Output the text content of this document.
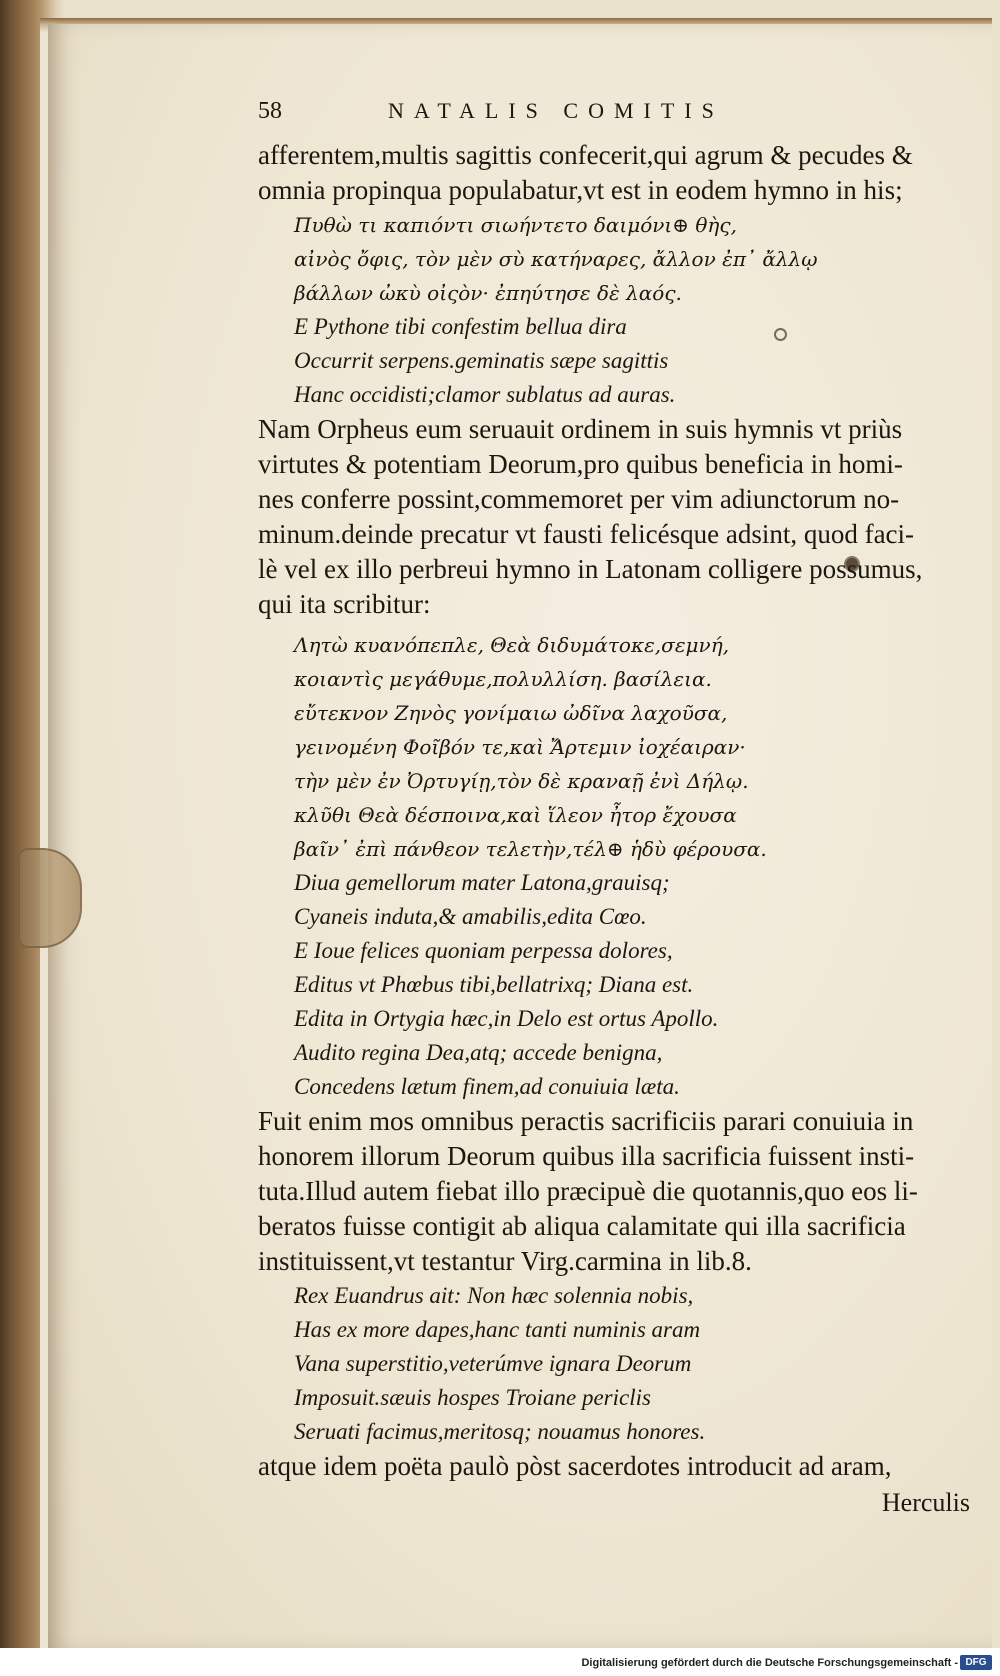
58	NATALIS COMITIS

afferentem,multis sagittis confecerit,qui agrum & pecudes &

omnia propinqua populabatur,vt est in eodem hymno in his;

Πυθὼ τι καπιόντι σιωήντετο δαιμόνι⊕ θὴς,
αἰνὸς ὄφις, τὸν μὲν σὺ κατήναρες, ἄλλον ἐπ᾽ ἄλλῳ
βάλλων ὠκὺ οἰςὸν· ἐπηύτησε δὲ λαός.
E Pythone tibi confestim bellua dira
Occurrit serpens.geminatis sæpe sagittis
Hanc occidisti;clamor sublatus ad auras.

Nam Orpheus eum seruauit ordinem in suis hymnis vt priùs

virtutes & potentiam Deorum,pro quibus beneficia in homi-

nes conferre possint,commemoret per vim adiunctorum no-

minum.deinde precatur vt fausti felicésque adsint, quod faci-

lè vel ex illo perbreui hymno in Latonam colligere possumus,

qui ita scribitur:

Λητὼ κυανόπεπλε, Θεὰ διδυμάτοκε,σεμνή,
κοιαντὶς μεγάθυμε,πολυλλίση. βασίλεια.
εὔτεκνον Ζηνὸς γονίμαιω ὠδῖνα λαχοῦσα,
γεινομένη Φοῖβόν τε,καὶ Ἄρτεμιν ἰοχέαιραν·
τὴν μὲν ἐν Ὀρτυγίῃ,τὸν δὲ κραναῇ ἐνὶ Δήλῳ.
κλῦθι Θεὰ δέσποινα,καὶ ἵλεον ἦτορ ἔχουσα
βαῖν᾽ ἐπὶ πάνθεον τελετὴν,τέλ⊕ ἡδὺ φέρουσα.
Diua gemellorum mater Latona,grauisq;
Cyaneis induta,& amabilis,edita Cœo.
E Ioue felices quoniam perpessa dolores,
Editus vt Phœbus tibi,bellatrixq; Diana est.
Edita in Ortygia hæc,in Delo est ortus Apollo.
Audito regina Dea,atq; accede benigna,
Concedens lætum finem,ad conuiuia læta.

Fuit enim mos omnibus peractis sacrificiis parari conuiuia in

honorem illorum Deorum quibus illa sacrificia fuissent insti-

tuta.Illud autem fiebat illo præcipuè die quotannis,quo eos li-

beratos fuisse contigit ab aliqua calamitate qui illa sacrificia

instituissent,vt testantur Virg.carmina in lib.8.

Rex Euandrus ait: Non hæc solennia nobis,
Has ex more dapes,hanc tanti numinis aram
Vana superstitio,veterúmve ignara Deorum
Imposuit.sæuis hospes Troiane periclis
Seruati facimus,meritosq; nouamus honores.

atque idem poëta paulò pòst sacerdotes introducit ad aram,

Herculis
Digitalisierung gefördert durch die Deutsche Forschungsgemeinschaft - DFG
